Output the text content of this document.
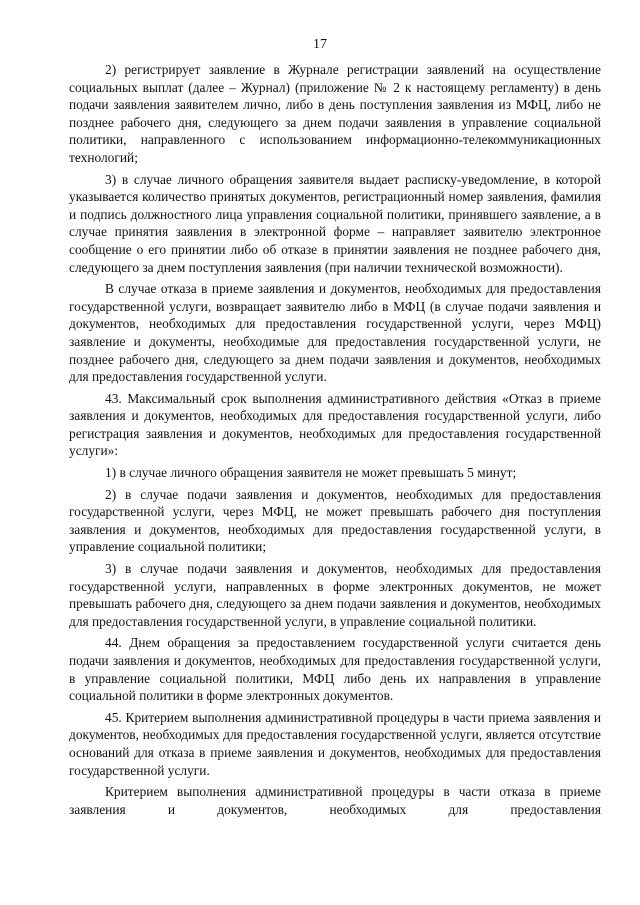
17

2) регистрирует заявление в Журнале регистрации заявлений на осуществление социальных выплат (далее – Журнал) (приложение № 2 к настоящему регламенту) в день подачи заявления заявителем лично, либо в день поступления заявления из МФЦ, либо не позднее рабочего дня, следующего за днем подачи заявления в управление социальной политики, направленного с использованием информационно-телекоммуникационных технологий;

3) в случае личного обращения заявителя выдает расписку-уведомление, в которой указывается количество принятых документов, регистрационный номер заявления, фамилия и подпись должностного лица управления социальной политики, принявшего заявление, а в случае принятия заявления в электронной форме – направляет заявителю электронное сообщение о его принятии либо об отказе в принятии заявления не позднее рабочего дня, следующего за днем поступления заявления (при наличии технической возможности).

В случае отказа в приеме заявления и документов, необходимых для предоставления государственной услуги, возвращает заявителю либо в МФЦ (в случае подачи заявления и документов, необходимых для предоставления государственной услуги, через МФЦ) заявление и документы, необходимые для предоставления государственной услуги, не позднее рабочего дня, следующего за днем подачи заявления и документов, необходимых для предоставления государственной услуги.

43. Максимальный срок выполнения административного действия «Отказ в приеме заявления и документов, необходимых для предоставления государственной услуги, либо регистрация заявления и документов, необходимых для предоставления государственной услуги»:

1) в случае личного обращения заявителя не может превышать 5 минут;

2) в случае подачи заявления и документов, необходимых для предоставления государственной услуги, через МФЦ, не может превышать рабочего дня поступления заявления и документов, необходимых для предоставления государственной услуги, в управление социальной политики;

3) в случае подачи заявления и документов, необходимых для предоставления государственной услуги, направленных в форме электронных документов, не может превышать рабочего дня, следующего за днем подачи заявления и документов, необходимых для предоставления государственной услуги, в управление социальной политики.

44. Днем обращения за предоставлением государственной услуги считается день подачи заявления и документов, необходимых для предоставления государственной услуги, в управление социальной политики, МФЦ либо день их направления в управление социальной политики в форме электронных документов.

45. Критерием выполнения административной процедуры в части приема заявления и документов, необходимых для предоставления государственной услуги, является отсутствие оснований для отказа в приеме заявления и документов, необходимых для предоставления государственной услуги.

Критерием выполнения административной процедуры в части отказа в приеме заявления и документов, необходимых для предоставления
